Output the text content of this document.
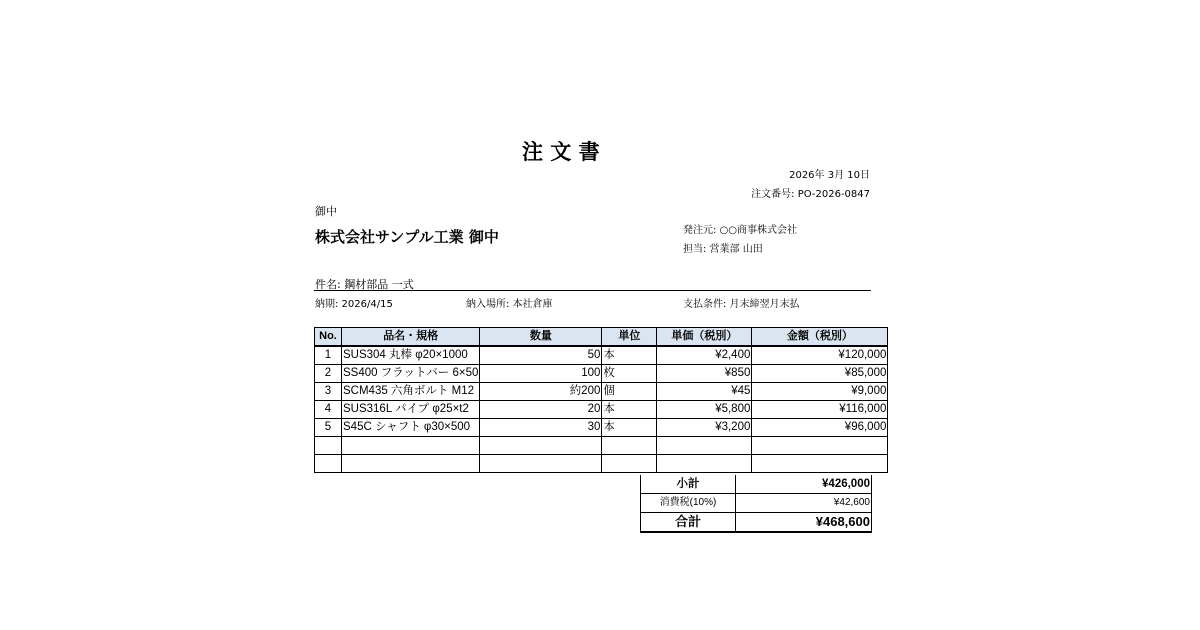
注 文 書
2026年 3月 10日
注文番号: PO-2026-0847
御中
株式会社サンプル工業 御中	発注元: ○○商事株式会社
担当: 営業部 山田
件名: 鋼材部品 一式
納期: 2026/4/15	納入場所: 本社倉庫	支払条件: 月末締翌月末払
No.	品名・規格	数量	単位	単価（税別）	金額（税別）
1	SUS304 丸棒 φ20×1000	50	本	¥2,400	¥120,000
2	SS400 フラットバー 6×50	100	枚	¥850	¥85,000
3	SCM435 六角ボルト M12	約200	個	¥45	¥9,000
4	SUS316L パイプ φ25×t2	20	本	¥5,800	¥116,000
5	S45C シャフト φ30×500	30	本	¥3,200	¥96,000

小計	¥426,000
消費税(10%)	¥42,600
合計	¥468,600
